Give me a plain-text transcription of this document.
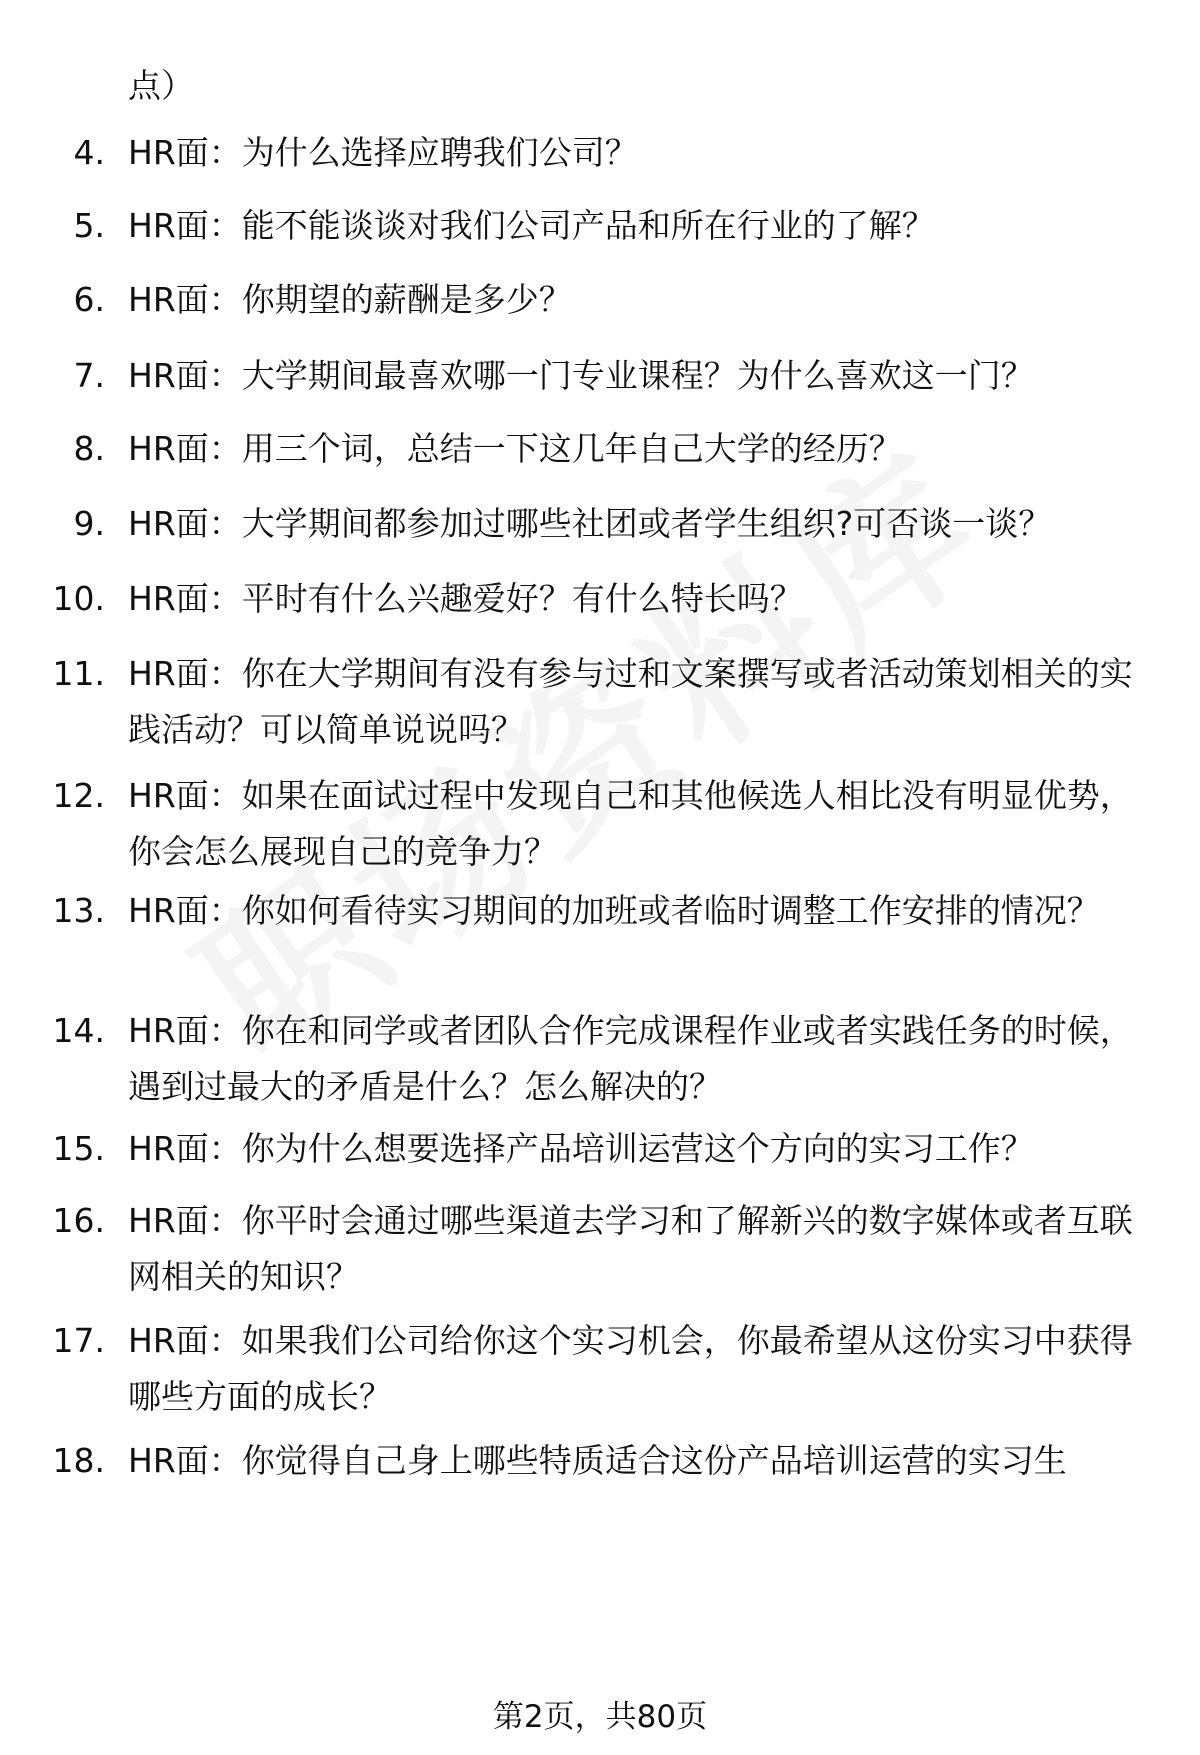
点）

4. HR面：为什么选择应聘我们公司？
5. HR面：能不能谈谈对我们公司产品和所在行业的了解？
6. HR面：你期望的薪酬是多少？
7. HR面：大学期间最喜欢哪一门专业课程？为什么喜欢这一门？
8. HR面：用三个词，总结一下这几年自己大学的经历？
9. HR面：大学期间都参加过哪些社团或者学生组织?可否谈一谈？
10. HR面：平时有什么兴趣爱好？有什么特长吗？
11. HR面：你在大学期间有没有参与过和文案撰写或者活动策划相关的实践活动？可以简单说说吗？
12. HR面：如果在面试过程中发现自己和其他候选人相比没有明显优势，你会怎么展现自己的竞争力？
13. HR面：你如何看待实习期间的加班或者临时调整工作安排的情况？
14. HR面：你在和同学或者团队合作完成课程作业或者实践任务的时候，遇到过最大的矛盾是什么？怎么解决的？
15. HR面：你为什么想要选择产品培训运营这个方向的实习工作？
16. HR面：你平时会通过哪些渠道去学习和了解新兴的数字媒体或者互联网相关的知识？
17. HR面：如果我们公司给你这个实习机会，你最希望从这份实习中获得哪些方面的成长？
18. HR面：你觉得自己身上哪些特质适合这份产品培训运营的实习生
第2页，共80页
